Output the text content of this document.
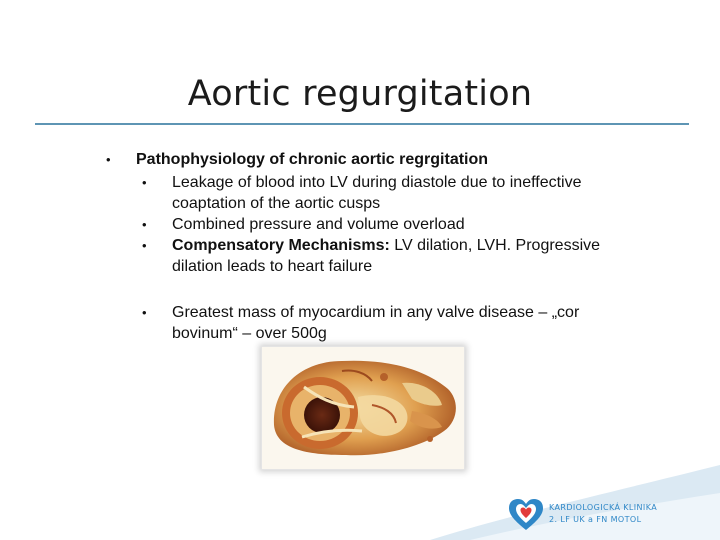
Aortic regurgitation
• Pathophysiology of chronic aortic regrgitation
• Leakage of blood into LV during diastole due to ineffective coaptation of the aortic cusps
• Combined pressure and volume overload
• Compensatory Mechanisms: LV dilation, LVH. Progressive dilation leads to heart failure
• Greatest mass of myocardium in any valve disease – „cor bovinum“ – over 500g
KARDIOLOGICKÁ KLINIKA
2. LF UK a FN MOTOL
